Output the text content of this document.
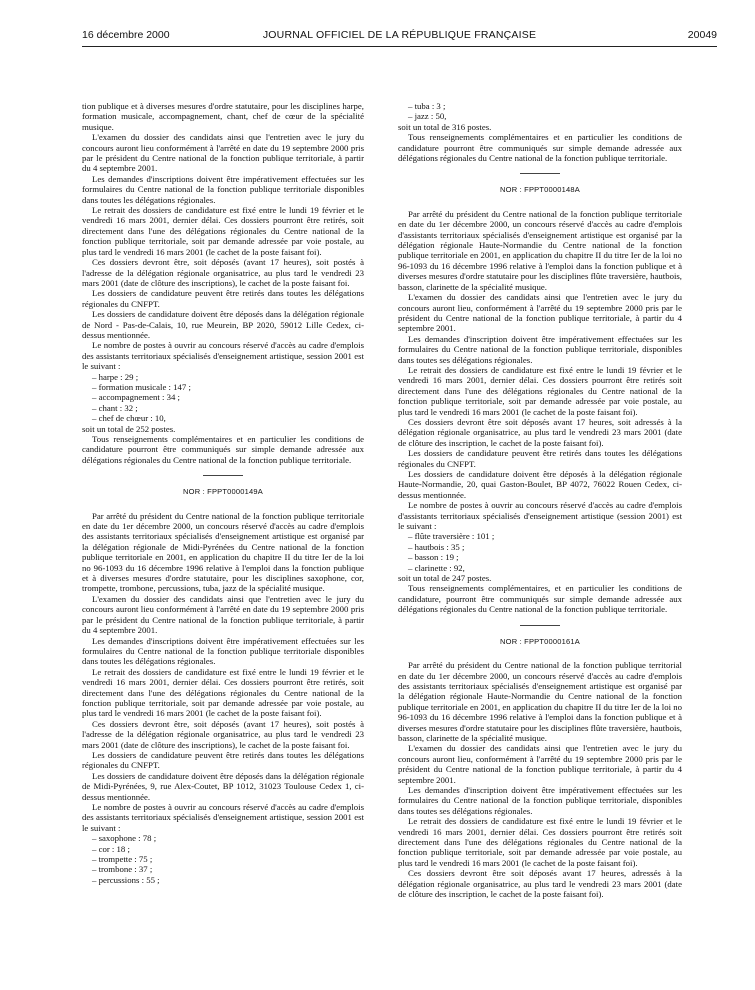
16 décembre 2000	JOURNAL OFFICIEL DE LA RÉPUBLIQUE FRANÇAISE	20049

tion publique et à diverses mesures d'ordre statutaire, pour les disciplines harpe, formation musicale, accompagnement, chant, chef de cœur de la spécialité musique.

L'examen du dossier des candidats ainsi que l'entretien avec le jury du concours auront lieu conformément à l'arrêté en date du 19 septembre 2000 pris par le président du Centre national de la fonction publique territoriale, à partir du 4 septembre 2001.

Les demandes d'inscriptions doivent être impérativement effectuées sur les formulaires du Centre national de la fonction publique territoriale disponibles dans toutes les délégations régionales.

Le retrait des dossiers de candidature est fixé entre le lundi 19 février et le vendredi 16 mars 2001, dernier délai. Ces dossiers pourront être retirés, soit directement dans l'une des délégations régionales du Centre national de la fonction publique territoriale, soit par demande adressée par voie postale, au plus tard le vendredi 16 mars 2001 (le cachet de la poste faisant foi).

Ces dossiers devront être, soit déposés (avant 17 heures), soit postés à l'adresse de la délégation régionale organisatrice, au plus tard le vendredi 23 mars 2001 (date de clôture des inscriptions), le cachet de la poste faisant foi.

Les dossiers de candidature peuvent être retirés dans toutes les délégations régionales du CNFPT.

Les dossiers de candidature doivent être déposés dans la délégation régionale de Nord - Pas-de-Calais, 10, rue Meurein, BP 2020, 59012 Lille Cedex, ci-dessus mentionnée.

Le nombre de postes à ouvrir au concours réservé d'accès au cadre d'emplois des assistants territoriaux spécialisés d'enseignement artistique, session 2001 est le suivant :

– harpe : 29 ;
– formation musicale : 147 ;
– accompagnement : 34 ;
– chant : 32 ;
– chef de chœur : 10,

soit un total de 252 postes.

Tous renseignements complémentaires et en particulier les conditions de candidature pourront être communiqués sur simple demande adressée aux délégations régionales du Centre national de la fonction publique territoriale.

NOR : FPPT0000149A

Par arrêté du président du Centre national de la fonction publique territoriale en date du 1er décembre 2000, un concours réservé d'accès au cadre d'emplois des assistants territoriaux spécialisés d'enseignement artistique est organisé par la délégation régionale de Midi-Pyrénées du Centre national de la fonction publique territoriale en 2001, en application du chapitre II du titre Ier de la loi no 96-1093 du 16 décembre 1996 relative à l'emploi dans la fonction publique et à diverses mesures d'ordre statutaire, pour les disciplines saxophone, cor, trompette, trombone, percussions, tuba, jazz de la spécialité musique.

L'examen du dossier des candidats ainsi que l'entretien avec le jury du concours auront lieu conformément à l'arrêté en date du 19 septembre 2000 pris par le président du Centre national de la fonction publique territoriale, à partir du 4 septembre 2001.

Les demandes d'inscriptions doivent être impérativement effectuées sur les formulaires du Centre national de la fonction publique territoriale disponibles dans toutes les délégations régionales.

Le retrait des dossiers de candidature est fixé entre le lundi 19 février et le vendredi 16 mars 2001, dernier délai. Ces dossiers pourront être retirés, soit directement dans l'une des délégations régionales du Centre national de la fonction publique territoriale, soit par demande adressée par voie postale, au plus tard le vendredi 16 mars 2001 (le cachet de la poste faisant foi).

Ces dossiers devront être, soit déposés (avant 17 heures), soit postés à l'adresse de la délégation régionale organisatrice, au plus tard le vendredi 23 mars 2001 (date de clôture des inscriptions), le cachet de la poste faisant foi.

Les dossiers de candidature peuvent être retirés dans toutes les délégations régionales du CNFPT.

Les dossiers de candidature doivent être déposés dans la délégation régionale de Midi-Pyrénées, 9, rue Alex-Coutet, BP 1012, 31023 Toulouse Cedex 1, ci-dessus mentionnée.

Le nombre de postes à ouvrir au concours réservé d'accès au cadre d'emplois des assistants territoriaux spécialisés d'enseignement artistique, session 2001 est le suivant :

– saxophone : 78 ;
– cor : 18 ;
– trompette : 75 ;
– trombone : 37 ;
– percussions : 55 ;
– tuba : 3 ;
– jazz : 50,

soit un total de 316 postes.

Tous renseignements complémentaires et en particulier les conditions de candidature pourront être communiqués sur simple demande adressée aux délégations régionales du Centre national de la fonction publique territoriale.

NOR : FPPT0000148A

Par arrêté du président du Centre national de la fonction publique territoriale en date du 1er décembre 2000, un concours réservé d'accès au cadre d'emplois d'assistants territoriaux spécialisés d'enseignement artistique est organisé par la délégation régionale Haute-Normandie du Centre national de la fonction publique territoriale en 2001, en application du chapitre II du titre Ier de la loi no 96-1093 du 16 décembre 1996 relative à l'emploi dans la fonction publique et à diverses mesures d'ordre statutaire pour les disciplines flûte traversière, hautbois, basson, clarinette de la spécialité musique.

L'examen du dossier des candidats ainsi que l'entretien avec le jury du concours auront lieu, conformément à l'arrêté du 19 septembre 2000 pris par le président du Centre national de la fonction publique territoriale, à partir du 4 septembre 2001.

Les demandes d'inscription doivent être impérativement effectuées sur les formulaires du Centre national de la fonction publique territoriale, disponibles dans toutes ses délégations régionales.

Le retrait des dossiers de candidature est fixé entre le lundi 19 février et le vendredi 16 mars 2001, dernier délai. Ces dossiers pourront être retirés soit directement dans l'une des délégations régionales du Centre national de la fonction publique territoriale, soit par demande adressée par voie postale, au plus tard le vendredi 16 mars 2001 (le cachet de la poste faisant foi).

Ces dossiers devront être soit déposés avant 17 heures, soit adressés à la délégation régionale organisatrice, au plus tard le vendredi 23 mars 2001 (date de clôture des inscription, le cachet de la poste faisant foi).

Les dossiers de candidature peuvent être retirés dans toutes les délégations régionales du CNFPT.

Les dossiers de candidature doivent être déposés à la délégation régionale Haute-Normandie, 20, quai Gaston-Boulet, BP 4072, 76022 Rouen Cedex, ci-dessus mentionnée.

Le nombre de postes à ouvrir au concours réservé d'accès au cadre d'emplois d'assistants territoriaux spécialisés d'enseignement artistique (session 2001) est le suivant :

– flûte traversière : 101 ;
– hautbois : 35 ;
– basson : 19 ;
– clarinette : 92,

soit un total de 247 postes.

Tous renseignements complémentaires, et en particulier les conditions de candidature, pourront être communiqués sur simple demande adressée aux délégations régionales du Centre national de la fonction publique territoriale.

NOR : FPPT0000161A

Par arrêté du président du Centre national de la fonction publique territorial en date du 1er décembre 2000, un concours réservé d'accès au cadre d'emplois des assistants territoriaux spécialisés d'enseignement artistique est organisé par la délégation régionale Haute-Normandie du Centre national de la fonction publique territoriale en 2001, en application du chapitre II du titre Ier de la loi no 96-1093 du 16 décembre 1996 relative à l'emploi dans la fonction publique et à diverses mesures d'ordre statutaire pour les disciplines flûte traversière, hautbois, basson, clarinette de la spécialité musique.

L'examen du dossier des candidats ainsi que l'entretien avec le jury du concours auront lieu, conformément à l'arrêté du 19 septembre 2000 pris par le président du Centre national de la fonction publique territoriale, à partir du 4 septembre 2001.

Les demandes d'inscription doivent être impérativement effectuées sur les formulaires du Centre national de la fonction publique territoriale, disponibles dans toutes ses délégations régionales.

Le retrait des dossiers de candidature est fixé entre le lundi 19 février et le vendredi 16 mars 2001, dernier délai. Ces dossiers pourront être retirés soit directement dans l'une des délégations régionales du Centre national de la fonction publique territoriale, soit par demande adressée par voie postale, au plus tard le vendredi 16 mars 2001 (le cachet de la poste faisant foi).

Ces dossiers devront être soit déposés avant 17 heures, adressés à la délégation régionale organisatrice, au plus tard le vendredi 23 mars 2001 (date de clôture des inscription, le cachet de la poste faisant foi).
